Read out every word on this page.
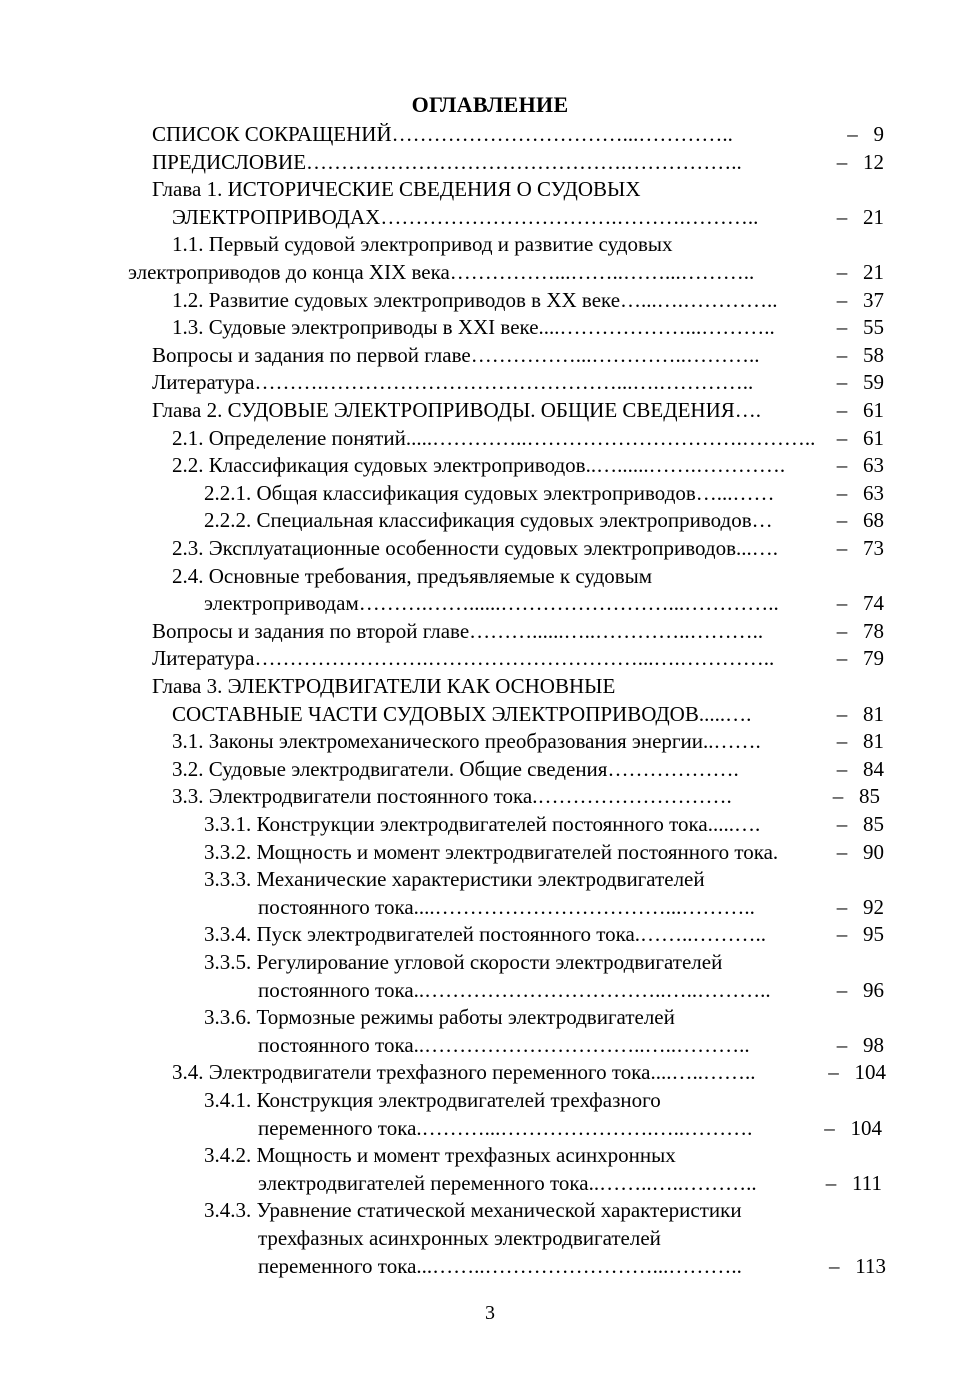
ОГЛАВЛЕНИЕ
СПИСОК СОКРАЩЕНИЙ……………………………...…………..	– 9
ПРЕДИСЛОВИЕ……………………………………….……………..	– 12
Глава 1. ИСТОРИЧЕСКИЕ СВЕДЕНИЯ О СУДОВЫХ
ЭЛЕКТРОПРИВОДАХ…………………………….……….………..	– 21
1.1. Первый судовой электропривод и развитие судовых
электроприводов до конца XIX века……………...……..……...………..	– 21
1.2. Развитие судовых электроприводов в XX веке…...….…………..	– 37
1.3. Судовые электроприводы в XXI веке....………………...………..	– 55
Вопросы и задания по первой главе……………...…………..………..	– 58
Литература……….……………………………………...….…………..	– 59
Глава 2. СУДОВЫЕ ЭЛЕКТРОПРИВОДЫ. ОБЩИЕ СВЕДЕНИЯ….	– 61
2.1. Определение понятий.....…………..………………………….……….. – 61
2.2. Классификация судовых электроприводов..…......…….………….	– 63
2.2.1. Общая классификация судовых электроприводов…...……	– 63
2.2.2. Специальная классификация судовых электроприводов…	– 68
2.3. Эксплуатационные особенности судовых электроприводов...….	– 73
2.4. Основные требования, предъявляемые к судовым
электроприводам……….……......……………………...…………..	– 74
Вопросы и задания по второй главе………......…..…………..………..	– 78
Литература…………………….…………………………...….…………..	– 79
Глава 3. ЭЛЕКТРОДВИГАТЕЛИ КАК ОСНОВНЫЕ
СОСТАВНЫЕ ЧАСТИ СУДОВЫХ ЭЛЕКТРОПРИВОДОВ.....….	– 81
3.1. Законы электромеханического преобразования энергии..…….	– 81
3.2. Судовые электродвигатели. Общие сведения……………….	– 84
3.3. Электродвигатели постоянного тока.……………………….	– 85
3.3.1. Конструкции электродвигателей постоянного тока.....….	– 85
3.3.2. Мощность и момент электродвигателей постоянного тока.	– 90
3.3.3. Механические характеристики электродвигателей
постоянного тока....……………………………...………..	– 92
3.3.4. Пуск электродвигателей постоянного тока.……..………..	– 95
3.3.5. Регулирование угловой скорости электродвигателей
постоянного тока..……………………………..…..………..	– 96
3.3.6. Тормозные режимы работы электродвигателей
постоянного тока..…………………………..…..………..	– 98
3.4. Электродвигатели трехфазного переменного тока....…..……..	– 104
3.4.1. Конструкция электродвигателей трехфазного
переменного тока.………...………………….…..……….	– 104
3.4.2. Мощность и момент трехфазных асинхронных
электродвигателей переменного тока..……..…..………..	– 111
3.4.3. Уравнение статической механической характеристики
трехфазных асинхронных электродвигателей
переменного тока...……..……………………...………..	– 113
3
